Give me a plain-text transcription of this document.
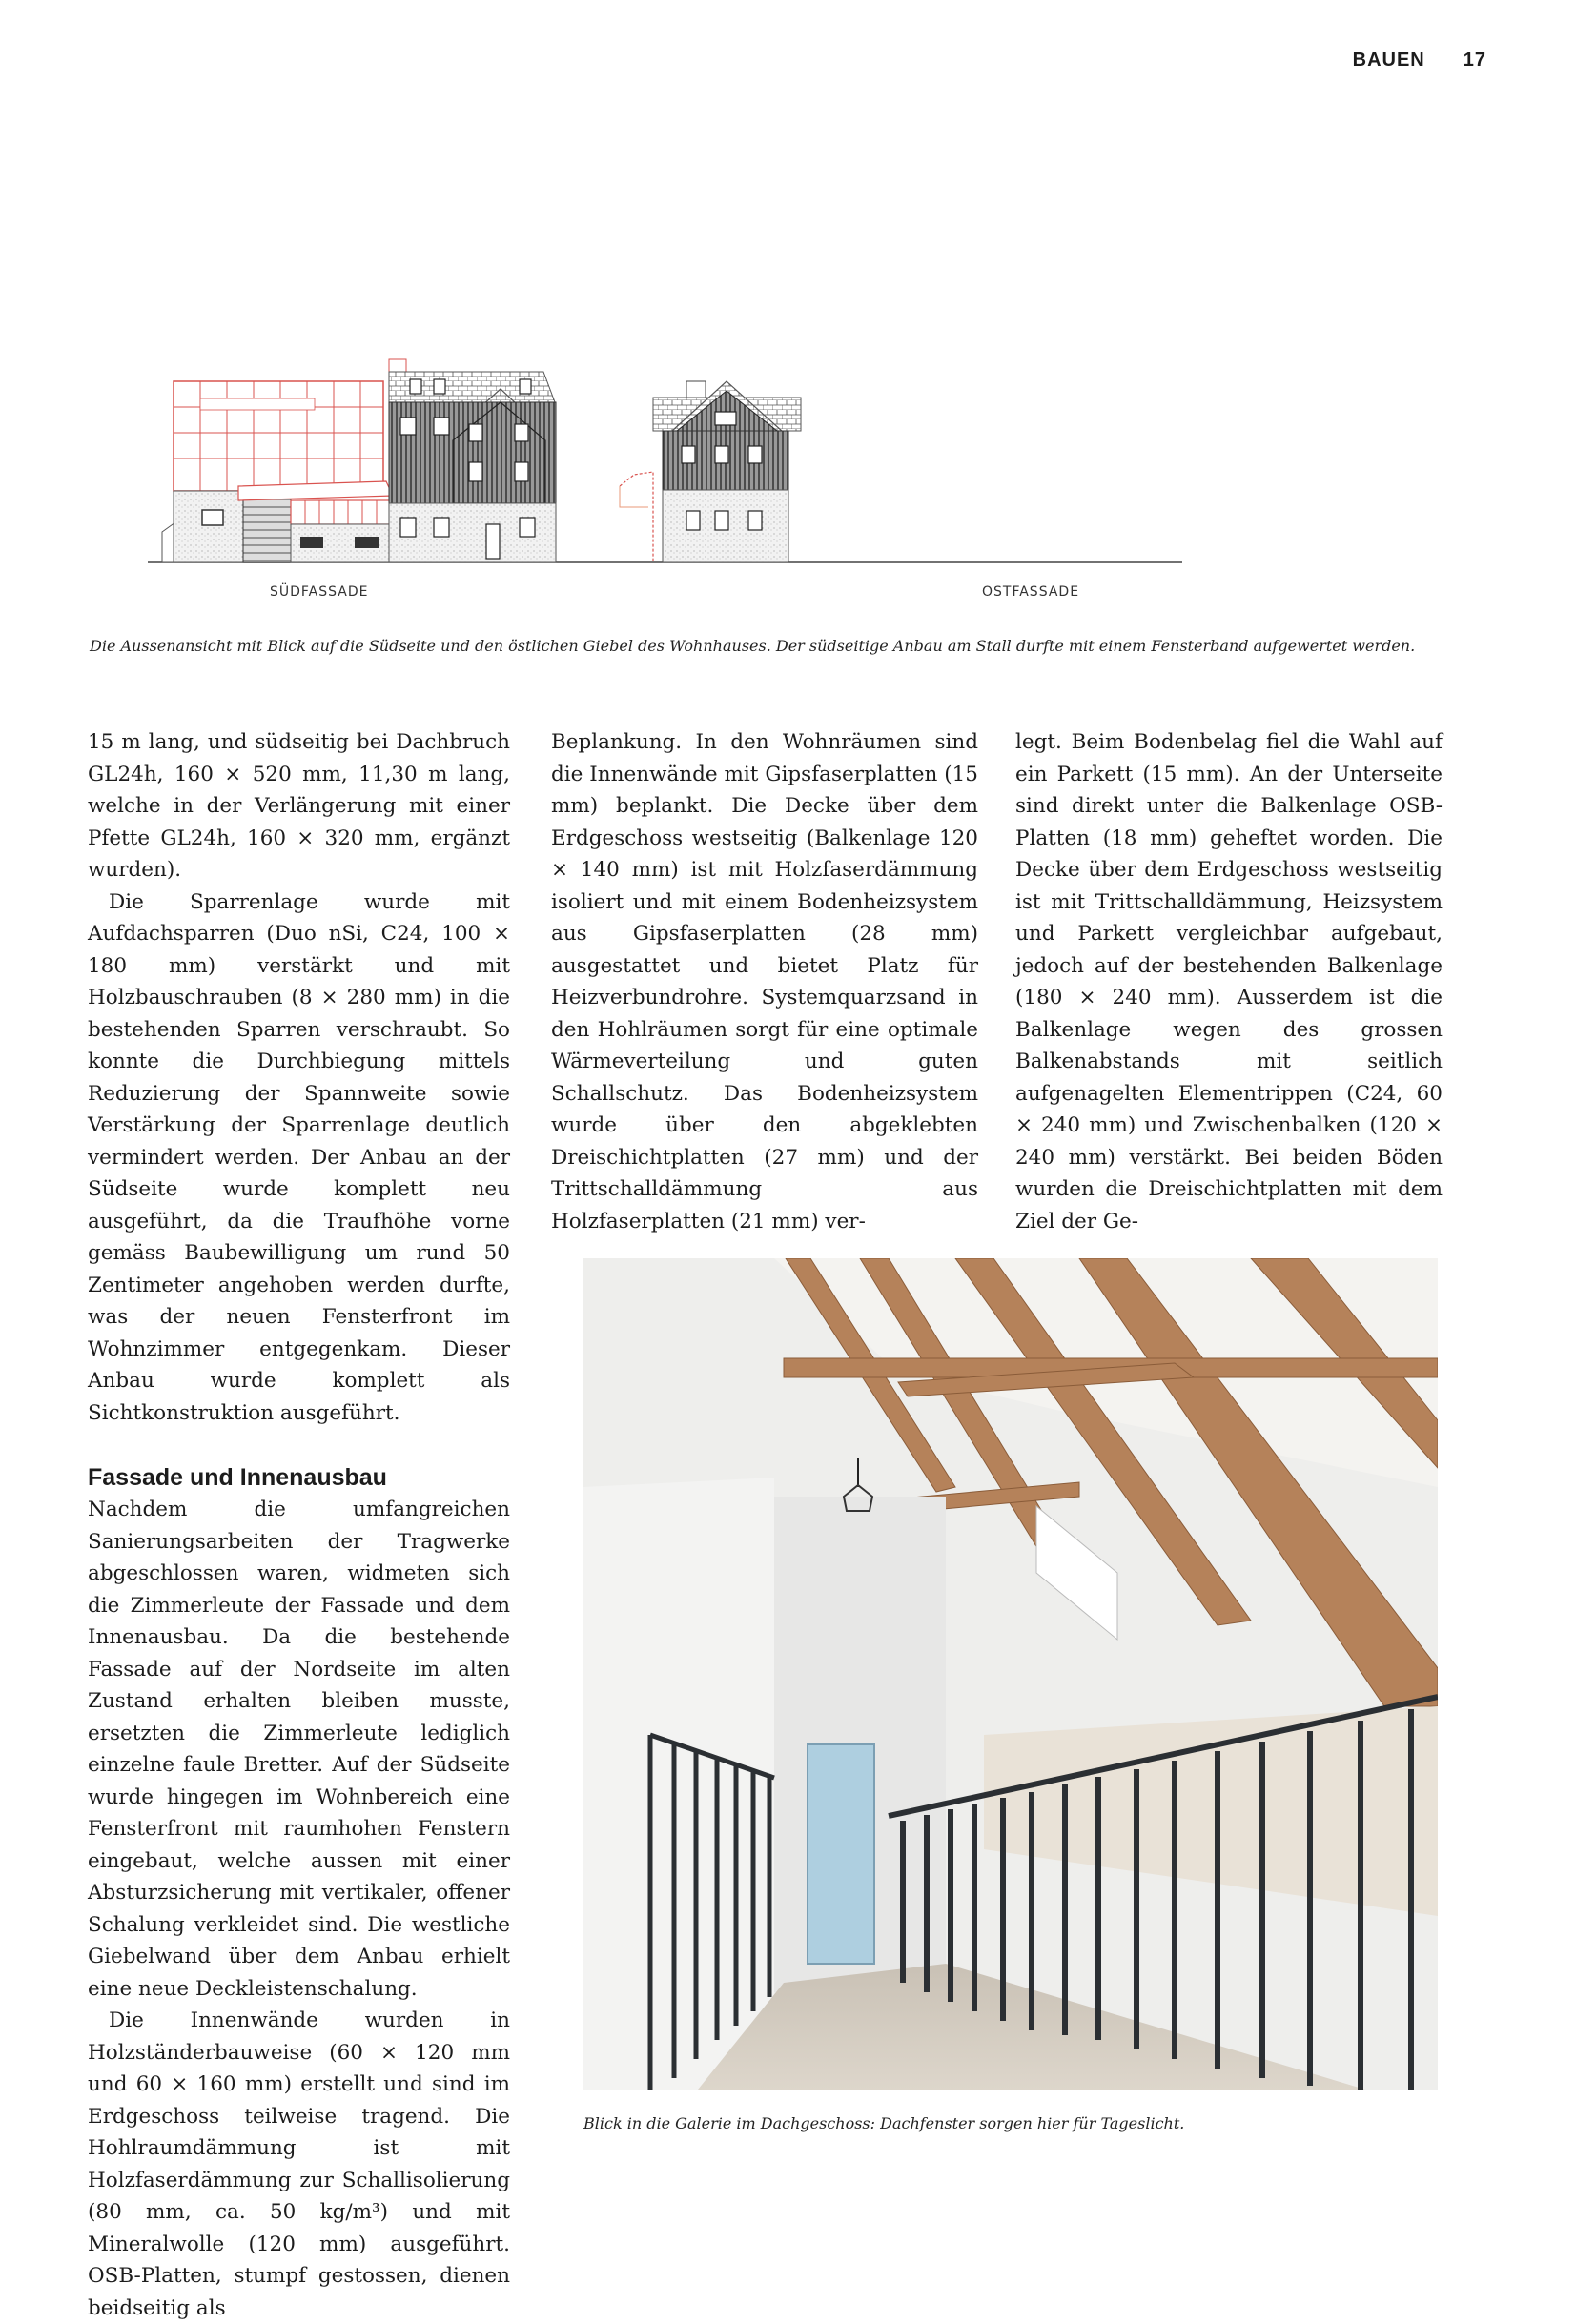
BAUEN 17
SÜDFASSADE	OSTFASSADE
Die Aussenansicht mit Blick auf die Südseite und den östlichen Giebel des Wohnhauses. Der südseitige Anbau am Stall durfte mit einem Fensterband aufgewertet werden.

15 m lang, und südseitig bei Dachbruch GL24h, 160 × 520 mm, 11,30 m lang, welche in der Verlängerung mit einer Pfette GL24h, 160 × 320 mm, ergänzt wurden).

Die Sparrenlage wurde mit Aufdachsparren (Duo nSi, C24, 100 × 180 mm) verstärkt und mit Holzbauschrauben (8 × 280 mm) in die bestehenden Sparren verschraubt. So konnte die Durchbiegung mittels Reduzierung der Spannweite sowie Verstärkung der Sparrenlage deutlich vermindert werden. Der Anbau an der Südseite wurde komplett neu ausgeführt, da die Traufhöhe vorne gemäss Baubewilligung um rund 50 Zentimeter angehoben werden durfte, was der neuen Fensterfront im Wohnzimmer entgegenkam. Dieser Anbau wurde komplett als Sichtkonstruktion ausgeführt.

Fassade und Innenausbau

Nachdem die umfangreichen Sanierungsarbeiten der Tragwerke abgeschlossen waren, widmeten sich die Zimmerleute der Fassade und dem Innenausbau. Da die bestehende Fassade auf der Nordseite im alten Zustand erhalten bleiben musste, ersetzten die Zimmerleute lediglich einzelne faule Bretter. Auf der Südseite wurde hingegen im Wohnbereich eine Fensterfront mit raumhohen Fenstern eingebaut, welche aussen mit einer Absturzsicherung mit vertikaler, offener Schalung verkleidet sind. Die westliche Giebelwand über dem Anbau erhielt eine neue Deckleistenschalung.

Die Innenwände wurden in Holzständerbauweise (60 × 120 mm und 60 × 160 mm) erstellt und sind im Erdgeschoss teilweise tragend. Die Hohlraumdämmung ist mit Holzfaserdämmung zur Schallisolierung (80 mm, ca. 50 kg/m³) und mit Mineralwolle (120 mm) ausgeführt. OSB-Platten, stumpf gestossen, dienen beidseitig als

Beplankung. In den Wohnräumen sind die Innenwände mit Gipsfaserplatten (15 mm) beplankt. Die Decke über dem Erdgeschoss westseitig (Balkenlage 120 × 140 mm) ist mit Holzfaserdämmung isoliert und mit einem Bodenheizsystem aus Gipsfaserplatten (28 mm) ausgestattet und bietet Platz für Heizverbundrohre. Systemquarzsand in den Hohlräumen sorgt für eine optimale Wärmeverteilung und guten Schallschutz. Das Bodenheizsystem wurde über den abgeklebten Dreischichtplatten (27 mm) und der Trittschalldämmung aus Holzfaserplatten (21 mm) ver-

legt. Beim Bodenbelag fiel die Wahl auf ein Parkett (15 mm). An der Unterseite sind direkt unter die Balkenlage OSB-Platten (18 mm) geheftet worden. Die Decke über dem Erdgeschoss westseitig ist mit Trittschalldämmung, Heizsystem und Parkett vergleichbar aufgebaut, jedoch auf der bestehenden Balkenlage (180 × 240 mm). Ausserdem ist die Balkenlage wegen des grossen Balkenabstands mit seitlich aufgenagelten Elementrippen (C24, 60 × 240 mm) und Zwischenbalken (120 × 240 mm) verstärkt. Bei beiden Böden wurden die Dreischichtplatten mit dem Ziel der Ge-

Blick in die Galerie im Dachgeschoss: Dachfenster sorgen hier für Tageslicht.
